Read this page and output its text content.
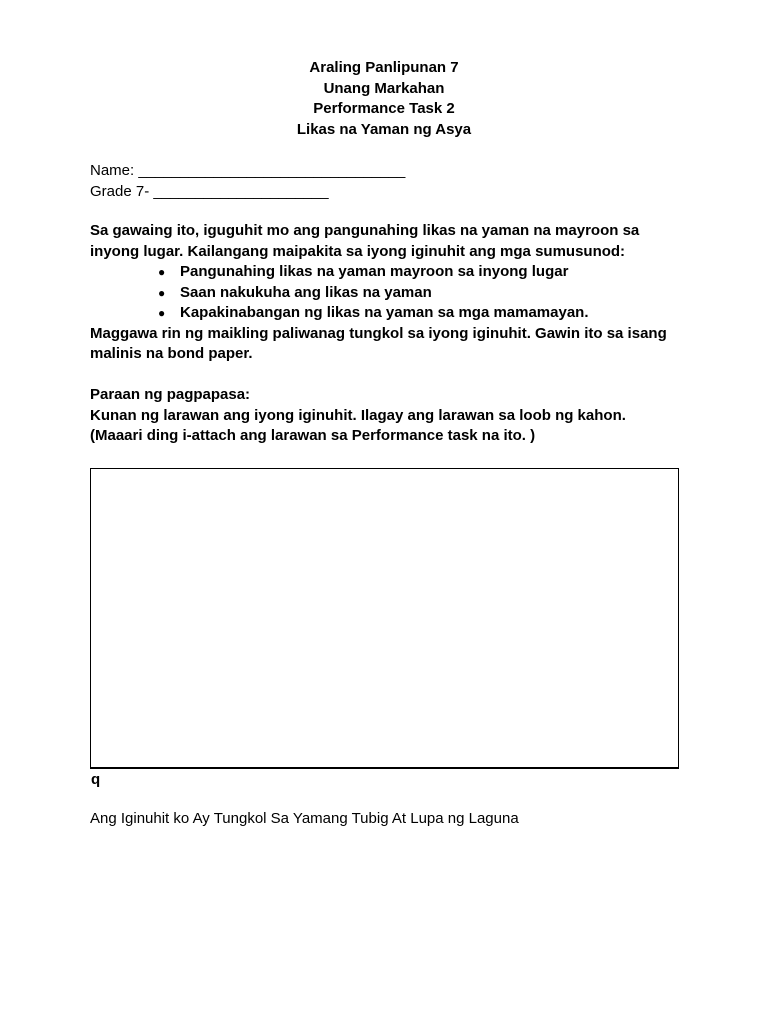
Araling Panlipunan 7
Unang Markahan
Performance Task 2
Likas na Yaman ng Asya
Name: ________________________________
Grade 7- _____________________

Sa gawaing ito, iguguhit mo ang pangunahing likas na yaman na mayroon sa

inyong lugar. Kailangang maipakita sa iyong iginuhit ang mga sumusunod:

● Pangunahing likas na yaman mayroon sa inyong lugar
● Saan nakukuha ang likas na yaman
● Kapakinabangan ng likas na yaman sa mga mamamayan.

Maggawa rin ng maikling paliwanag tungkol sa iyong iginuhit. Gawin ito sa isang

malinis na bond paper.

Paraan ng pagpapasa:

Kunan ng larawan ang iyong iginuhit. Ilagay ang larawan sa loob ng kahon.

(Maaari ding i-attach ang larawan sa Performance task na ito. )

q
Ang Iginuhit ko Ay Tungkol Sa Yamang Tubig At Lupa ng Laguna
